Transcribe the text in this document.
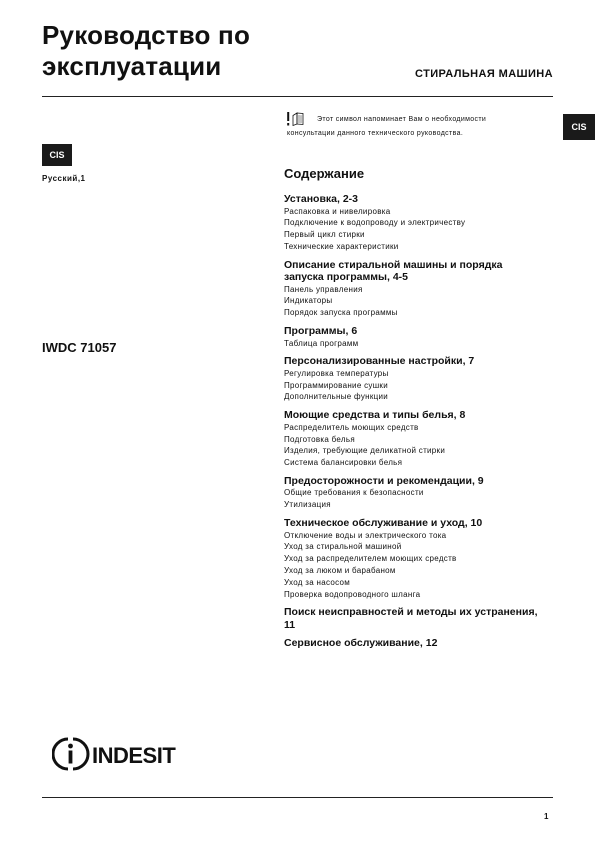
Руководство по
эксплуатации	СТИРАЛЬНАЯ МАШИНА
CIS
CIS
Русский,1
IWDC 71057
Этот символ напоминает Вам о необходимости консультации данного технического руководства.
Содержание
Установка, 2-3
Распаковка и нивелировка
Подключение к водопроводу и электричеству
Первый цикл стирки
Технические характеристики
Описание стиральной машины и порядка запуска программы, 4-5
Панель управления
Индикаторы
Порядок запуска программы
Программы, 6
Таблица программ
Персонализированные настройки, 7
Регулировка температуры
Программирование сушки
Дополнительные функции
Моющие средства и типы белья, 8
Распределитель моющих средств
Подготовка белья
Изделия, требующие деликатной стирки
Система балансировки белья
Предосторожности и рекомендации, 9
Общие требования к безопасности
Утилизация
Техническое обслуживание и уход, 10
Отключение воды и электрического тока
Уход за стиральной машиной
Уход за распределителем моющих средств
Уход за люком и барабаном
Уход за насосом
Проверка водопроводного шланга
Поиск неисправностей и методы их устранения, 11
Сервисное обслуживание, 12
INDESIT
1
